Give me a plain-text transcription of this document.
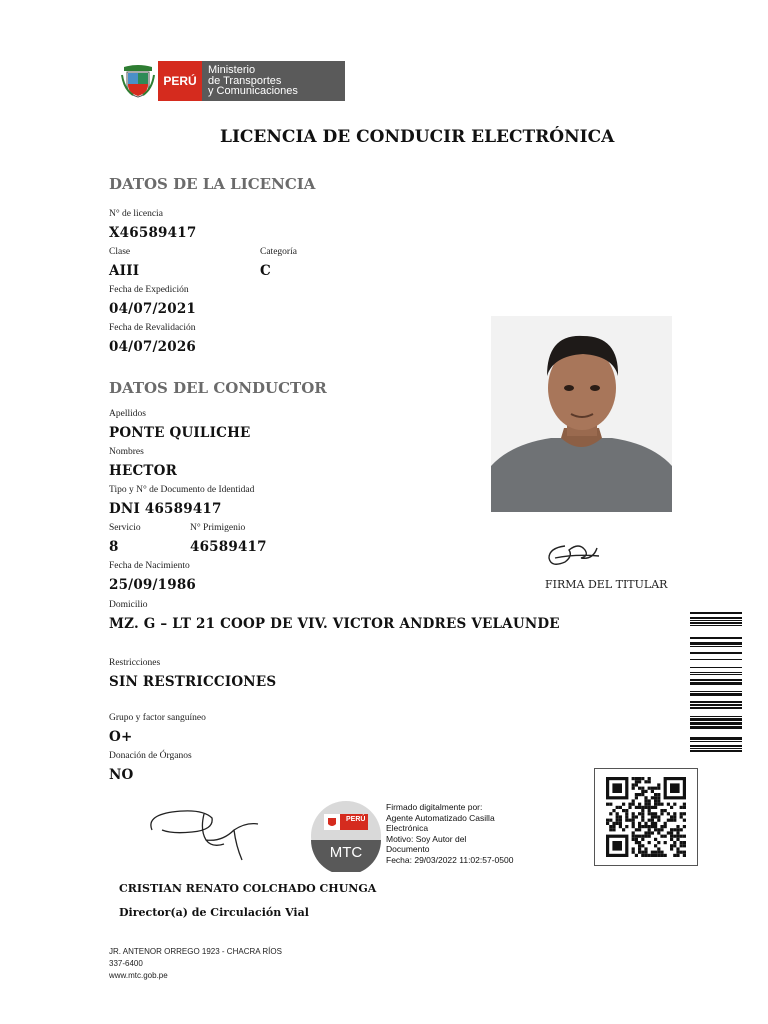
PERÚ
Ministerio
de Transportes
y Comunicaciones
LICENCIA DE CONDUCIR ELECTRÓNICA
DATOS DE LA LICENCIA
N° de licencia
X46589417
Clase
AIII
Categoría
C
Fecha de Expedición
04/07/2021
Fecha de Revalidación
04/07/2026
DATOS DEL CONDUCTOR
Apellidos
PONTE QUILICHE
Nombres
HECTOR
Tipo y N° de Documento de Identidad
DNI 46589417
Servicio
8
N° Primigenio
46589417
Fecha de Nacimiento
25/09/1986
Domicilio
MZ. G – LT 21 COOP DE VIV. VICTOR ANDRES VELAUNDE
Restricciones
SIN RESTRICCIONES
Grupo y factor sanguíneo
O+
Donación de Órganos
NO
FIRMA DEL TITULAR
PERÚ
MTC
Firmado digitalmente por:
Agente Automatizado Casilla
Electrónica
Motivo: Soy Autor del
Documento
Fecha: 29/03/2022 11:02:57-0500
CRISTIAN RENATO COLCHADO CHUNGA
Director(a) de Circulación Vial
JR. ANTENOR ORREGO 1923 - CHACRA RÍOS
337-6400
www.mtc.gob.pe
